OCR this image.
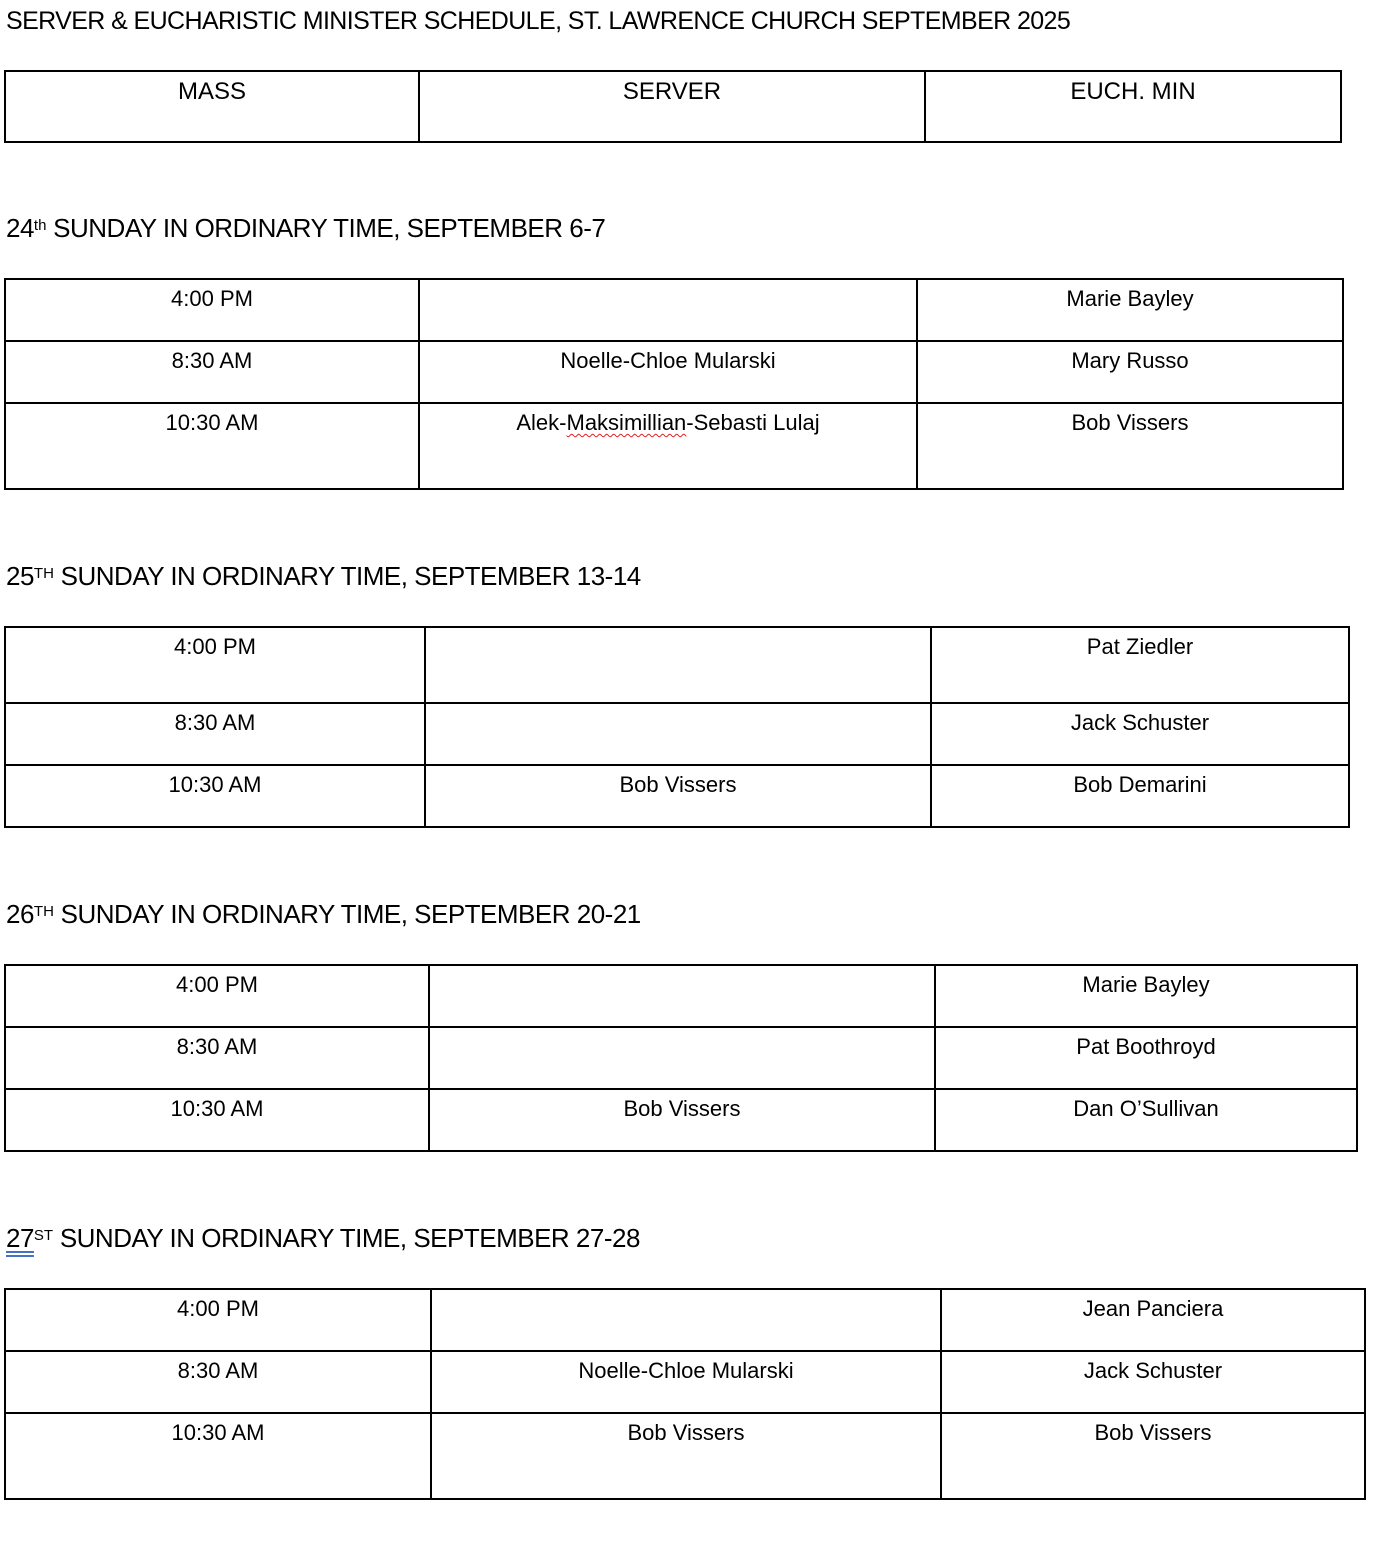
SERVER & EUCHARISTIC MINISTER SCHEDULE, ST. LAWRENCE CHURCH SEPTEMBER 2025
MASS	SERVER	EUCH. MIN
24th SUNDAY IN ORDINARY TIME, SEPTEMBER 6-7
4:00 PM		Marie Bayley

8:30 AM	Noelle-Chloe Mularski	Mary Russo

10:30 AM	Alek-Maksimillian-Sebasti Lulaj	Bob Vissers
25TH SUNDAY IN ORDINARY TIME, SEPTEMBER 13-14
4:00 PM		Pat Ziedler

8:30 AM		Jack Schuster

10:30 AM	Bob Vissers	Bob Demarini
26TH SUNDAY IN ORDINARY TIME, SEPTEMBER 20-21
4:00 PM		Marie Bayley

8:30 AM		Pat Boothroyd

10:30 AM	Bob Vissers	Dan O’Sullivan
27ST SUNDAY IN ORDINARY TIME, SEPTEMBER 27-28
4:00 PM		Jean Panciera

8:30 AM	Noelle-Chloe Mularski	Jack Schuster

10:30 AM	Bob Vissers	Bob Vissers
